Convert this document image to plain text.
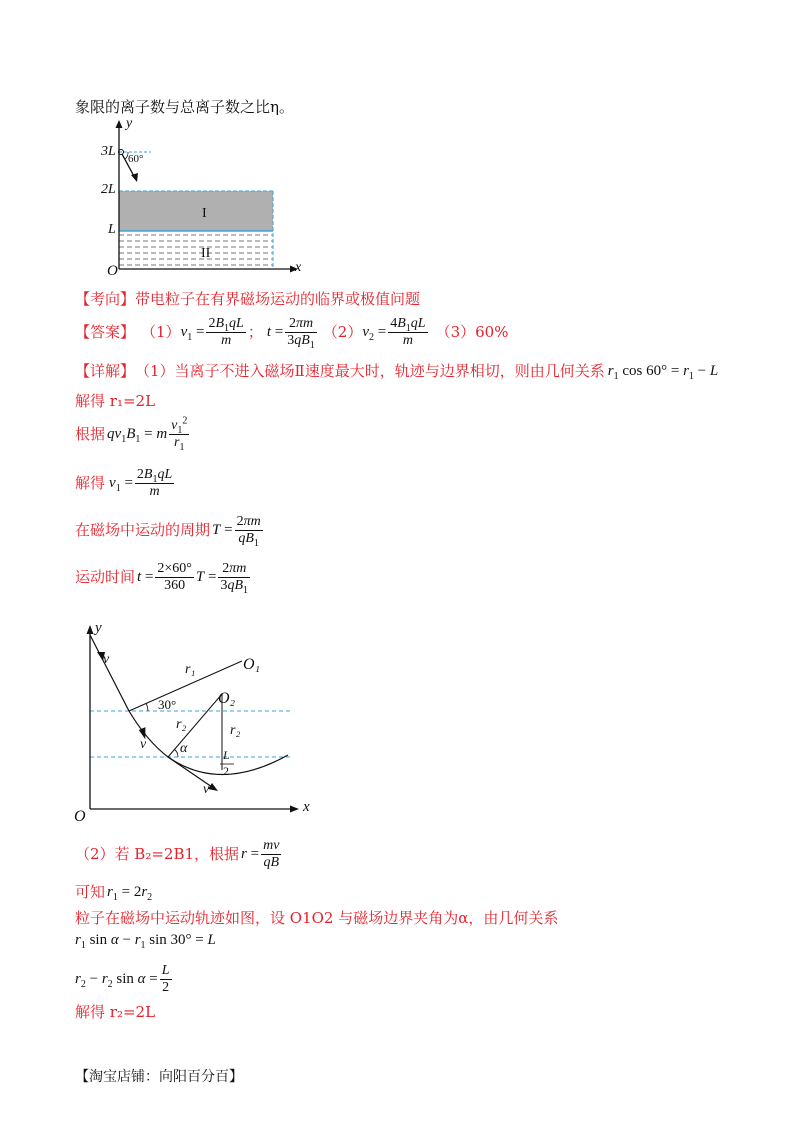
象限的离子数与总离子数之比η。
y
x
O
3L
2L
L
60°
I
II
【考向】带电粒子在有界磁场运动的临界或极值问题
【答案】 （1） $v_1 = \frac{2B_1qL}{m}$ ； $t = \frac{2\pi m}{3qB_1} (2) v_2 = \frac{4B_1qL}{m} (3)60\%$
【详解】 （1）当离子不进入磁场Ⅱ速度最大时，轨迹与边界相切，则由几何关系 $r_1$ $\cos 60^\circ = r_1 - L$
解得 r₁=2L
根据 $qv_1B_1 = m \frac{v_1^2}{r_1}$
解得 $v_1 = \frac{2B_1qL}{m}$
在磁场中运动的周期 $T = \frac{2\pi m}{qB_1}$
运动时间 $t = \frac{2\times 60^\circ}{360}$ $T = \frac{2\pi m}{3qB_1}$
y
x
O
v
v
v
O₁
O₂
r₁
r₂	r₂
30°
α	L
2
（2）若 B₂=2B1，根据 $r = \frac{mv}{qB}$
可知 $r_1 = 2r_2$
粒子在磁场中运动轨迹如图，设 O1O2 与磁场边界夹角为α，由几何关系
$r_1$ $\sin \alpha - r_1$ sin 30° = L
$r_2 - r_2$ $\sin \alpha = \frac{L}{2}$
解得 r₂=2L
【淘宝店铺：向阳百分百】
